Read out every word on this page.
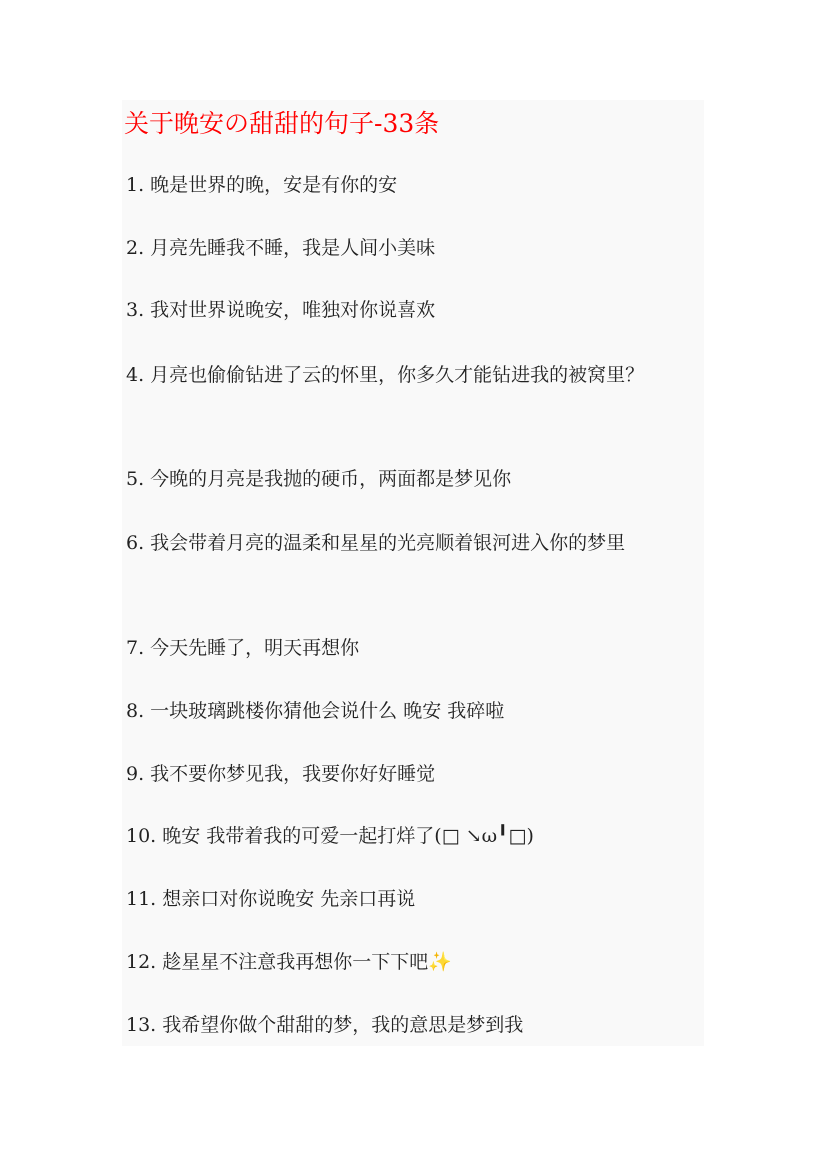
关于晚安の甜甜的句子-33条
1. 晚是世界的晚，安是有你的安
2. 月亮先睡我不睡，我是人间小美味
3. 我对世界说晚安，唯独对你说喜欢
4. 月亮也偷偷钻进了云的怀里，你多久才能钻进我的被窝里？
5. 今晚的月亮是我抛的硬币，两面都是梦见你
6. 我会带着月亮的温柔和星星的光亮顺着银河进入你的梦里
7. 今天先睡了，明天再想你
8. 一块玻璃跳楼你猜他会说什么 晚安 我碎啦
9. 我不要你梦见我，我要你好好睡觉
10. 晚安 我带着我的可爱一起打烊了(□ ↘ω╹□)
11. 想亲口对你说晚安 先亲口再说
12. 趁星星不注意我再想你一下下吧✨
13. 我希望你做个甜甜的梦，我的意思是梦到我
